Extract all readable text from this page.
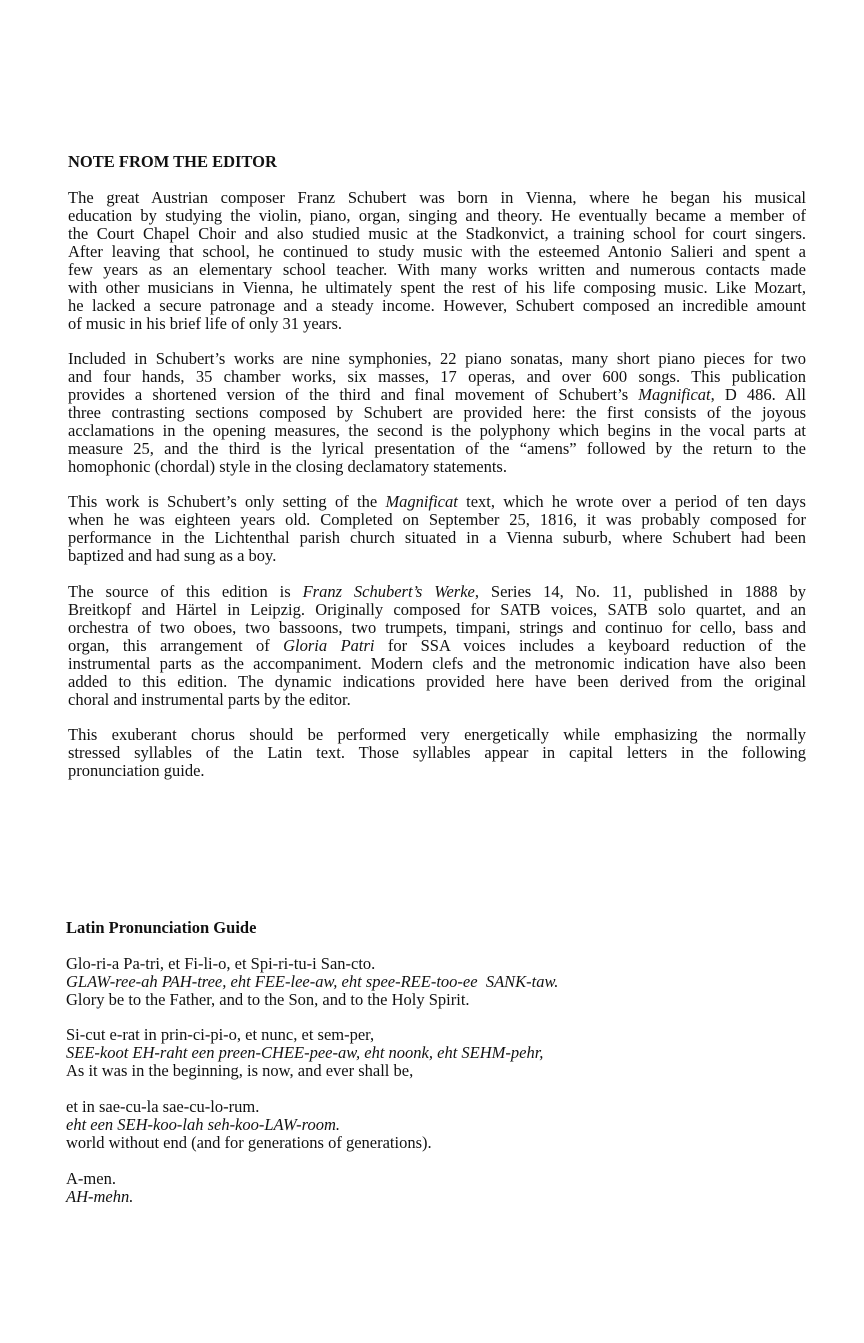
NOTE FROM THE EDITOR
The great Austrian composer Franz Schubert was born in Vienna, where he began his musical
education by studying the violin, piano, organ, singing and theory. He eventually became a member of
the Court Chapel Choir and also studied music at the Stadkonvict, a training school for court singers.
After leaving that school, he continued to study music with the esteemed Antonio Salieri and spent a
few years as an elementary school teacher. With many works written and numerous contacts made
with other musicians in Vienna, he ultimately spent the rest of his life composing music. Like Mozart,
he lacked a secure patronage and a steady income. However, Schubert composed an incredible amount
of music in his brief life of only 31 years.
Included in Schubert’s works are nine symphonies, 22 piano sonatas, many short piano pieces for two
and four hands, 35 chamber works, six masses, 17 operas, and over 600 songs. This publication
provides a shortened version of the third and final movement of Schubert’s Magnificat, D 486. All
three contrasting sections composed by Schubert are provided here: the first consists of the joyous
acclamations in the opening measures, the second is the polyphony which begins in the vocal parts at
measure 25, and the third is the lyrical presentation of the “amens” followed by the return to the
homophonic (chordal) style in the closing declamatory statements.
This work is Schubert’s only setting of the Magnificat text, which he wrote over a period of ten days
when he was eighteen years old. Completed on September 25, 1816, it was probably composed for
performance in the Lichtenthal parish church situated in a Vienna suburb, where Schubert had been
baptized and had sung as a boy.
The source of this edition is Franz Schubert’s Werke, Series 14, No. 11, published in 1888 by
Breitkopf and Härtel in Leipzig. Originally composed for SATB voices, SATB solo quartet, and an
orchestra of two oboes, two bassoons, two trumpets, timpani, strings and continuo for cello, bass and
organ, this arrangement of Gloria Patri for SSA voices includes a keyboard reduction of the
instrumental parts as the accompaniment. Modern clefs and the metronomic indication have also been
added to this edition. The dynamic indications provided here have been derived from the original
choral and instrumental parts by the editor.
This exuberant chorus should be performed very energetically while emphasizing the normally
stressed syllables of the Latin text. Those syllables appear in capital letters in the following
pronunciation guide.
Latin Pronunciation Guide
Glo-ri-a Pa-tri, et Fi-li-o, et Spi-ri-tu-i San-cto.
GLAW-ree-ah PAH-tree, eht FEE-lee-aw, eht spee-REE-too-ee  SANK-taw.
Glory be to the Father, and to the Son, and to the Holy Spirit.
Si-cut e-rat in prin-ci-pi-o, et nunc, et sem-per,
SEE-koot EH-raht een preen-CHEE-pee-aw, eht noonk, eht SEHM-pehr,
As it was in the beginning, is now, and ever shall be,
et in sae-cu-la sae-cu-lo-rum.
eht een SEH-koo-lah seh-koo-LAW-room.
world without end (and for generations of generations).
A-men.
AH-mehn.
